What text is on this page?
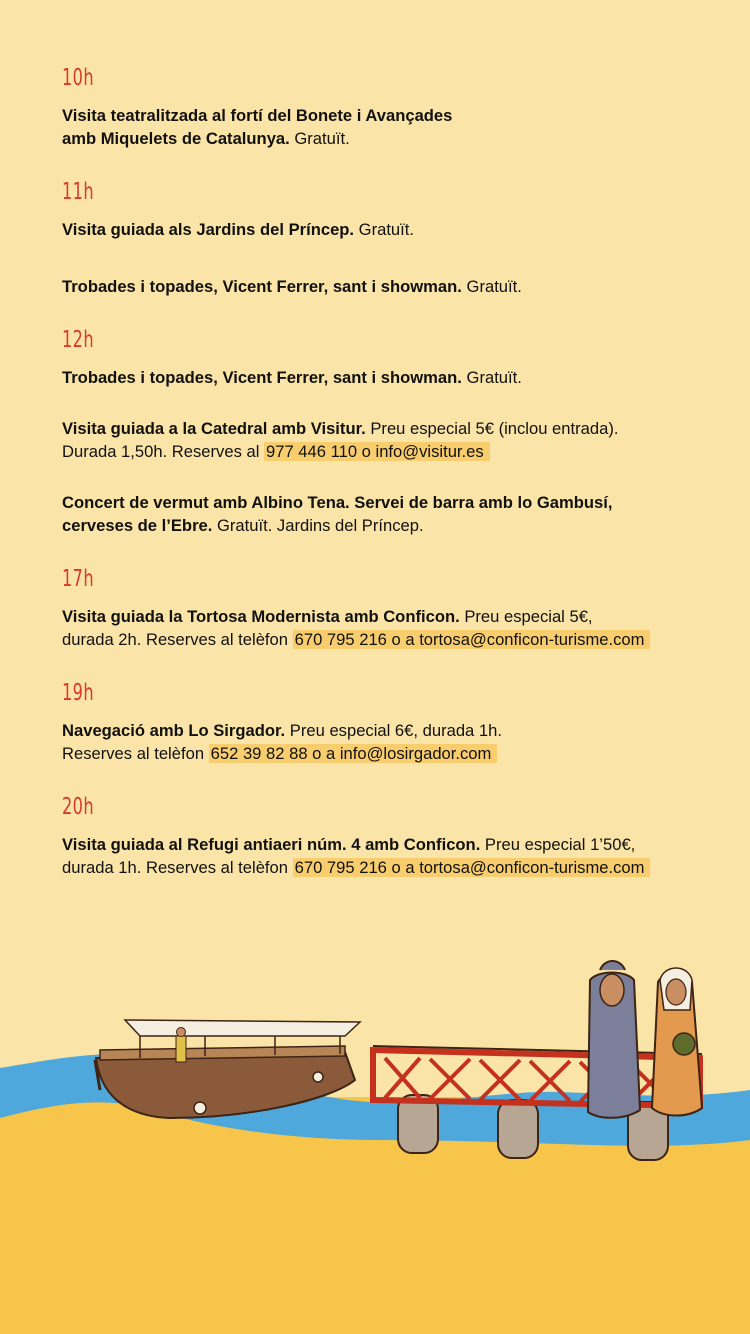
10h
Visita teatralitzada al fortí del Bonete i Avançades
amb Miquelets de Catalunya. Gratuït.
11h
Visita guiada als Jardins del Príncep. Gratuït.
Trobades i topades, Vicent Ferrer, sant i showman. Gratuït.
12h
Trobades i topades, Vicent Ferrer, sant i showman. Gratuït.
Visita guiada a la Catedral amb Visitur. Preu especial 5€ (inclou entrada).
Durada 1,50h. Reserves al 977 446 110 o info@visitur.es
Concert de vermut amb Albino Tena. Servei de barra amb lo Gambusí,
cerveses de l’Ebre. Gratuït. Jardins del Príncep.
17h
Visita guiada la Tortosa Modernista amb Conficon. Preu especial 5€,
durada 2h. Reserves al telèfon 670 795 216 o a tortosa@conficon-turisme.com
19h
Navegació amb Lo Sirgador. Preu especial 6€, durada 1h.
Reserves al telèfon 652 39 82 88 o a info@losirgador.com
20h
Visita guiada al Refugi antiaeri núm. 4 amb Conficon. Preu especial 1’50€,
durada 1h. Reserves al telèfon 670 795 216 o a tortosa@conficon-turisme.com
